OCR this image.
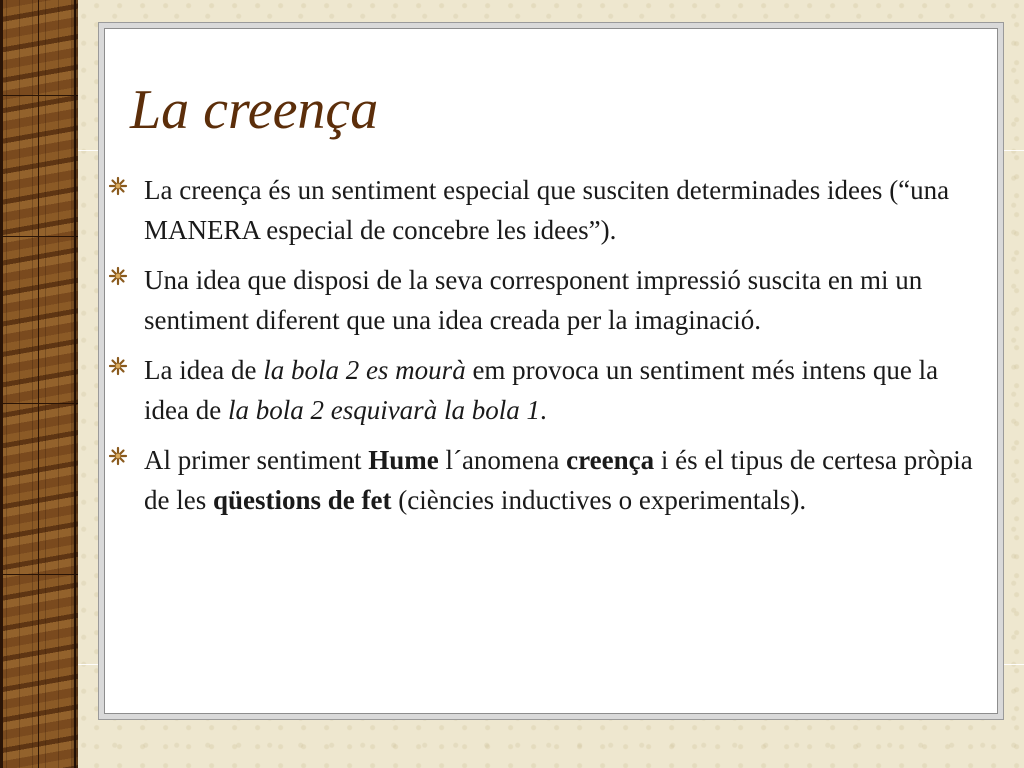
La creença
La creença és un sentiment especial que susciten determinades idees (“una MANERA especial de concebre les idees”).
Una idea que disposi de la seva corresponent impressió suscita en mi un sentiment diferent que una idea creada per la imaginació.
La idea de la bola 2 es mourà em provoca un sentiment més intens que la idea de la bola 2 esquivarà la bola 1.
Al primer sentiment Hume l´anomena creença i és el tipus de certesa pròpia de les qüestions de fet (ciències inductives o experimentals).
